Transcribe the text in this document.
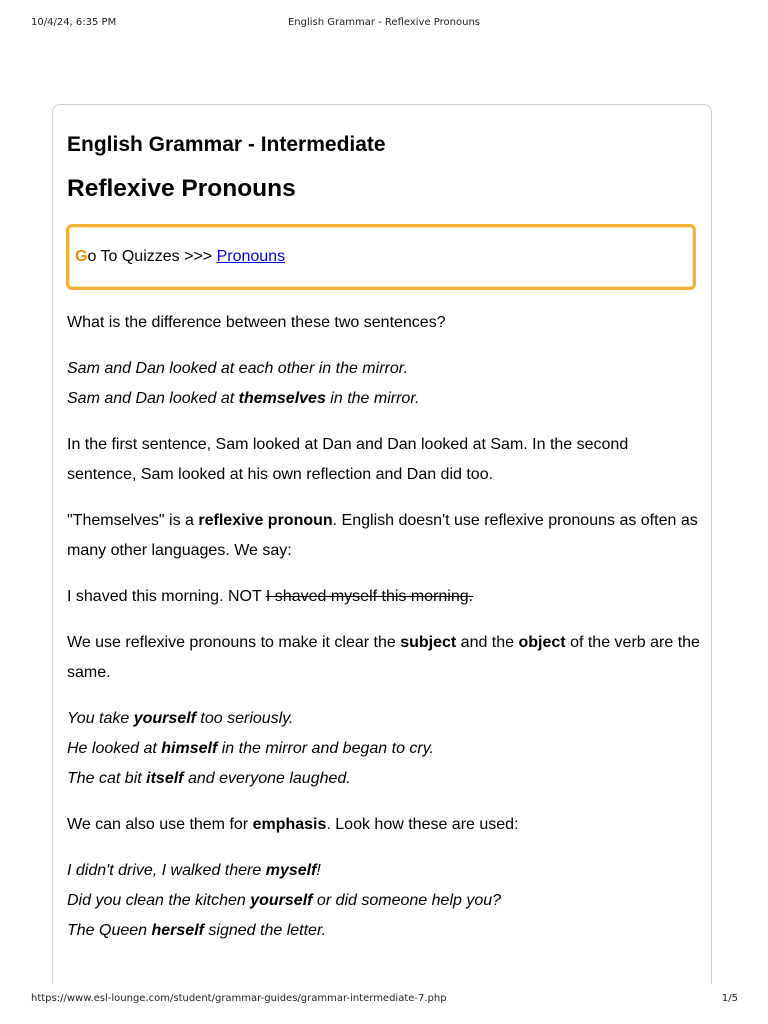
10/4/24, 6:35 PM	English Grammar - Reflexive Pronouns
English Grammar - Intermediate
Reflexive Pronouns
G o To Quizzes >>> Pronouns

What is the difference between these two sentences?

Sam and Dan looked at each other in the mirror.

Sam and Dan looked at themselves in the mirror.

In the first sentence, Sam looked at Dan and Dan looked at Sam. In the second sentence, Sam looked at his own reflection and Dan did too.

"Themselves" is a reflexive pronoun. English doesn't use reflexive pronouns as often as many other languages. We say:

I shaved this morning. NOT I shaved myself this morning.

We use reflexive pronouns to make it clear the subject and the object of the verb are the same.

You take yourself too seriously.

He looked at himself in the mirror and began to cry.

The cat bit itself and everyone laughed.

We can also use them for emphasis. Look how these are used:

I didn't drive, I walked there myself!

Did you clean the kitchen yourself or did someone help you?

The Queen herself signed the letter.

https://www.esl-lounge.com/student/grammar-guides/grammar-intermediate-7.php	1/5
